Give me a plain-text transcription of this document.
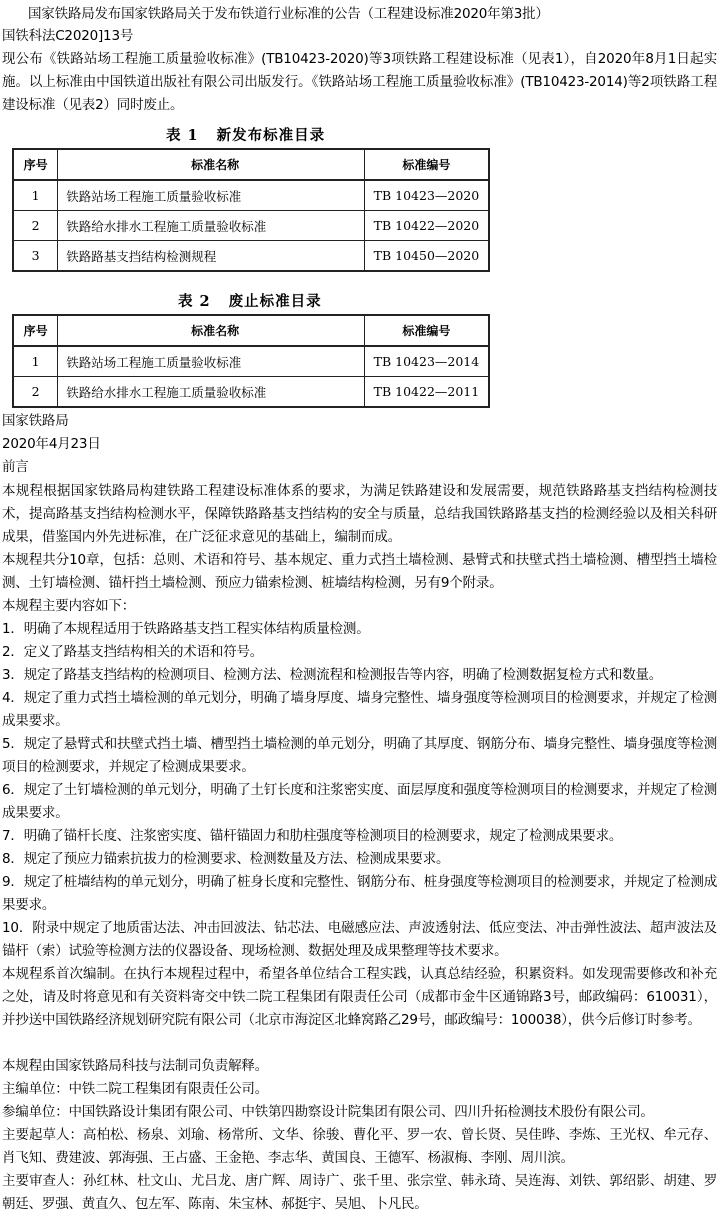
国家铁路局发布国家铁路局关于发布铁道行业标准的公告（工程建设标准2020年第3批）
国铁科法C2020]13号
现公布《铁路站场工程施工质量验收标准》(TB10423-2020)等3项铁路工程建设标准（见表1），自2020年8月1日起实施。以上标准由中国铁道出版社有限公司出版发行。《铁路站场工程施工质量验收标准》(TB10423-2014)等2项铁路工程建设标准（见表2）同时废止。
表 1 新发布标准目录
序号	标准名称	标准编号
1	铁路站场工程施工质量验收标准	TB 10423—2020
2	铁路给水排水工程施工质量验收标准	TB 10422—2020
3	铁路路基支挡结构检测规程	TB 10450—2020
表 2 废止标准目录
序号	标准名称	标准编号
1	铁路站场工程施工质量验收标准	TB 10423—2014
2	铁路给水排水工程施工质量验收标准	TB 10422—2011
国家铁路局
2020年4月23日
前言
本规程根据国家铁路局构建铁路工程建设标准体系的要求，为满足铁路建设和发展需要，规范铁路路基支挡结构检测技术，提高路基支挡结构检测水平，保障铁路路基支挡结构的安全与质量，总结我国铁路路基支挡的检测经验以及相关科研成果，借鉴国内外先进标准，在广泛征求意见的基础上，编制而成。
本规程共分10章，包括：总则、术语和符号、基本规定、重力式挡土墙检测、悬臂式和扶壁式挡土墙检测、槽型挡土墙检测、土钉墙检测、锚杆挡土墙检测、预应力锚索检测、桩墙结构检测，另有9个附录。
本规程主要内容如下：
1．明确了本规程适用于铁路路基支挡工程实体结构质量检测。
2．定义了路基支挡结构相关的术语和符号。
3．规定了路基支挡结构的检测项目、检测方法、检测流程和检测报告等内容，明确了检测数据复检方式和数量。
4．规定了重力式挡土墙检测的单元划分，明确了墙身厚度、墙身完整性、墙身强度等检测项目的检测要求，并规定了检测成果要求。
5．规定了悬臂式和扶壁式挡土墙、槽型挡土墙检测的单元划分，明确了其厚度、钢筋分布、墙身完整性、墙身强度等检测项目的检测要求，并规定了检测成果要求。
6．规定了土钉墙检测的单元划分，明确了土钉长度和注浆密实度、面层厚度和强度等检测项目的检测要求，并规定了检测成果要求。
7．明确了锚杆长度、注浆密实度、锚杆锚固力和肋柱强度等检测项目的检测要求，规定了检测成果要求。
8．规定了预应力锚索抗拔力的检测要求、检测数量及方法、检测成果要求。
9．规定了桩墙结构的单元划分，明确了桩身长度和完整性、钢筋分布、桩身强度等检测项目的检测要求，并规定了检测成果要求。
10．附录中规定了地质雷达法、冲击回波法、钻芯法、电磁感应法、声波透射法、低应变法、冲击弹性波法、超声波法及锚杆（索）试验等检测方法的仪器设备、现场检测、数据处理及成果整理等技术要求。
本规程系首次编制。在执行本规程过程中，希望各单位结合工程实践，认真总结经验，积累资料。如发现需要修改和补充之处，请及时将意见和有关资料寄交中铁二院工程集团有限责任公司（成都市金牛区通锦路3号，邮政编码：610031），并抄送中国铁路经济规划研究院有限公司（北京市海淀区北蜂窝路乙29号，邮政编号：100038），供今后修订时参考。
本规程由国家铁路局科技与法制司负责解释。
主编单位：中铁二院工程集团有限责任公司。
参编单位：中国铁路设计集团有限公司、中铁第四勘察设计院集团有限公司、四川升拓检测技术股份有限公司。
主要起草人：高柏松、杨泉、刘瑜、杨常所、文华、徐骏、曹化平、罗一农、曾长贤、吴佳晔、李炼、王光权、牟元存、肖飞知、费建波、郭海强、王占盛、王金艳、李志华、黄国良、王德军、杨淑梅、李刚、周川滨。
主要审查人：孙红林、杜文山、尤吕龙、唐广辉、周诗广、张千里、张宗堂、韩永琦、吴连海、刘铁、郭绍影、胡建、罗朝廷、罗强、黄直久、包左军、陈南、朱宝林、郝挺宇、吴旭、卜凡民。
